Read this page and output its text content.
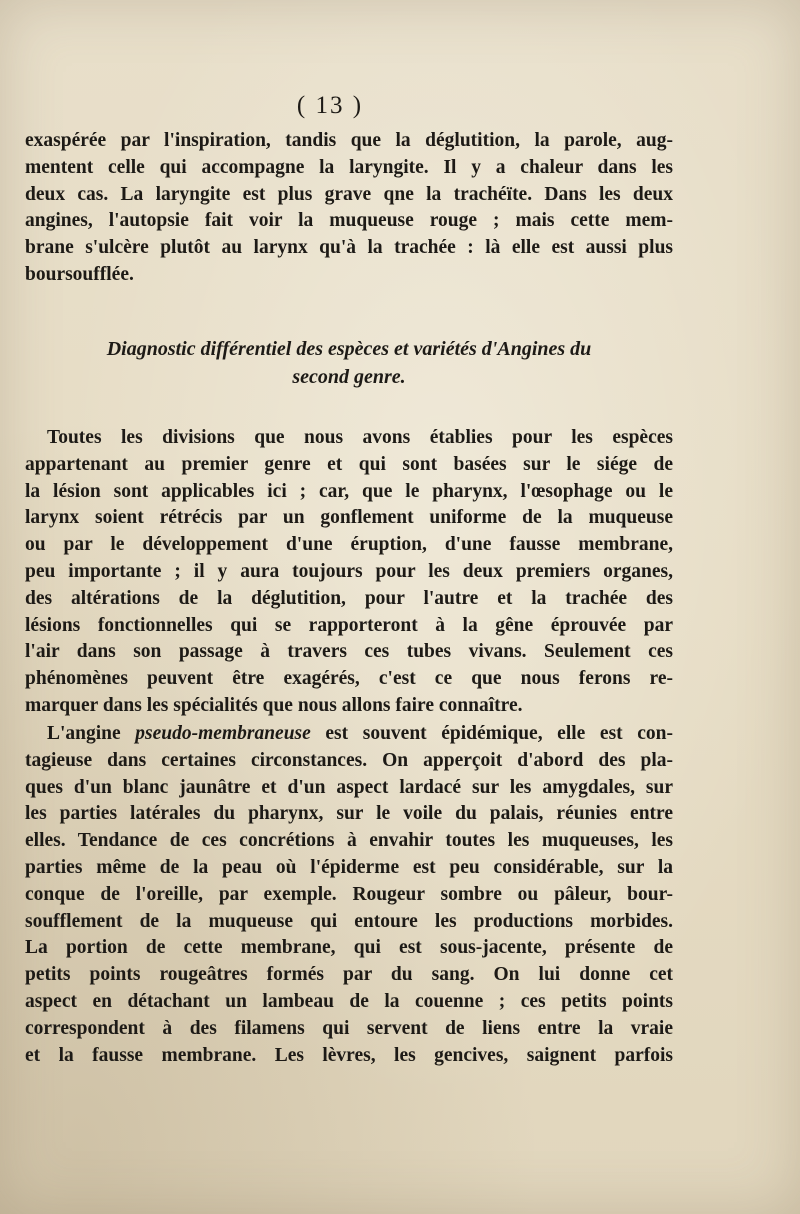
( 13 )
exaspérée par l'inspiration, tandis que la déglutition, la parole, aug-
mentent celle qui accompagne la laryngite. Il y a chaleur dans les
deux cas. La laryngite est plus grave qne la trachéïte. Dans les deux
angines, l'autopsie fait voir la muqueuse rouge ; mais cette mem-
brane s'ulcère plutôt au larynx qu'à la trachée : là elle est aussi plus
boursoufflée.
Diagnostic différentiel des espèces et variétés d'Angines du
second genre.
Toutes les divisions que nous avons établies pour les espèces
appartenant au premier genre et qui sont basées sur le siége de
la lésion sont applicables ici ; car, que le pharynx, l'œsophage ou le
larynx soient rétrécis par un gonflement uniforme de la muqueuse
ou par le développement d'une éruption, d'une fausse membrane,
peu importante ; il y aura toujours pour les deux premiers organes,
des altérations de la déglutition, pour l'autre et la trachée des
lésions fonctionnelles qui se rapporteront à la gêne éprouvée par
l'air dans son passage à travers ces tubes vivans. Seulement ces
phénomènes peuvent être exagérés, c'est ce que nous ferons re-
marquer dans les spécialités que nous allons faire connaître.
L'angine pseudo-membraneuse est souvent épidémique, elle est con-
tagieuse dans certaines circonstances. On apperçoit d'abord des pla-
ques d'un blanc jaunâtre et d'un aspect lardacé sur les amygdales, sur
les parties latérales du pharynx, sur le voile du palais, réunies entre
elles. Tendance de ces concrétions à envahir toutes les muqueuses, les
parties même de la peau où l'épiderme est peu considérable, sur la
conque de l'oreille, par exemple. Rougeur sombre ou pâleur, bour-
soufflement de la muqueuse qui entoure les productions morbides.
La portion de cette membrane, qui est sous-jacente, présente de
petits points rougeâtres formés par du sang. On lui donne cet
aspect en détachant un lambeau de la couenne ; ces petits points
correspondent à des filamens qui servent de liens entre la vraie
et la fausse membrane. Les lèvres, les gencives, saignent parfois
